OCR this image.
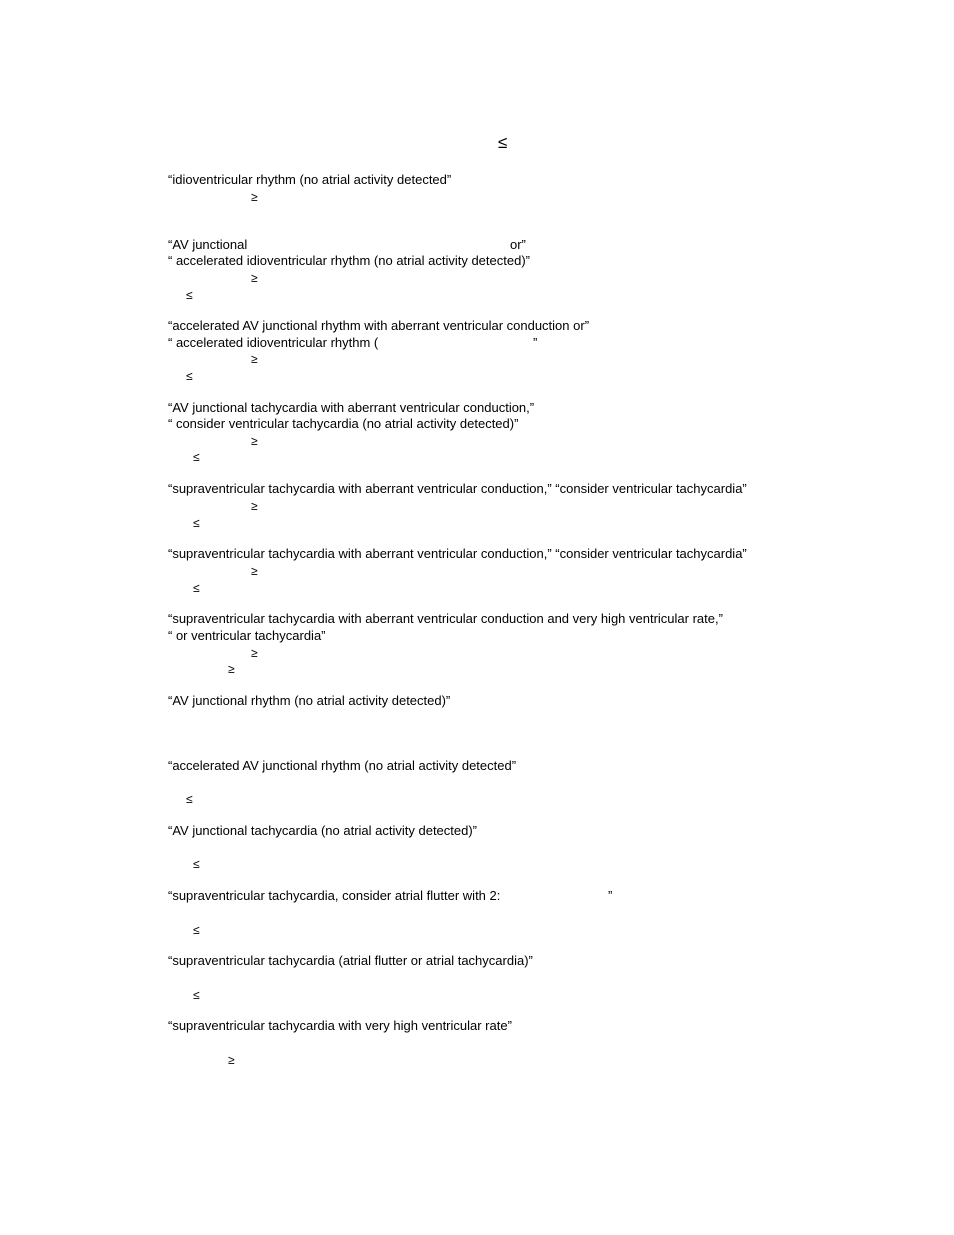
≤
“idioventricular rhythm (no atrial activity detected”
≥
“AV junctional	or”
“ accelerated idioventricular rhythm (no atrial activity detected)”
≥
≤
“accelerated AV junctional rhythm with aberrant ventricular conduction or”
“ accelerated idioventricular rhythm (	”
≥
≤
“AV junctional tachycardia with aberrant ventricular conduction,”
“ consider ventricular tachycardia (no atrial activity detected)”
≥
≤
“supraventricular tachycardia with aberrant ventricular conduction,” “consider ventricular tachycardia”
≥
≤
“supraventricular tachycardia with aberrant ventricular conduction,” “consider ventricular tachycardia”
≥
≤
“supraventricular tachycardia with aberrant ventricular conduction and very high ventricular rate,”
“ or ventricular tachycardia”
≥
≥
“AV junctional rhythm (no atrial activity detected)”
“accelerated AV junctional rhythm (no atrial activity detected”
≤
“AV junctional tachycardia (no atrial activity detected)”
≤
“supraventricular tachycardia, consider atrial flutter with 2:	”
≤
“supraventricular tachycardia (atrial flutter or atrial tachycardia)”
≤
“supraventricular tachycardia with very high ventricular rate”
≥
